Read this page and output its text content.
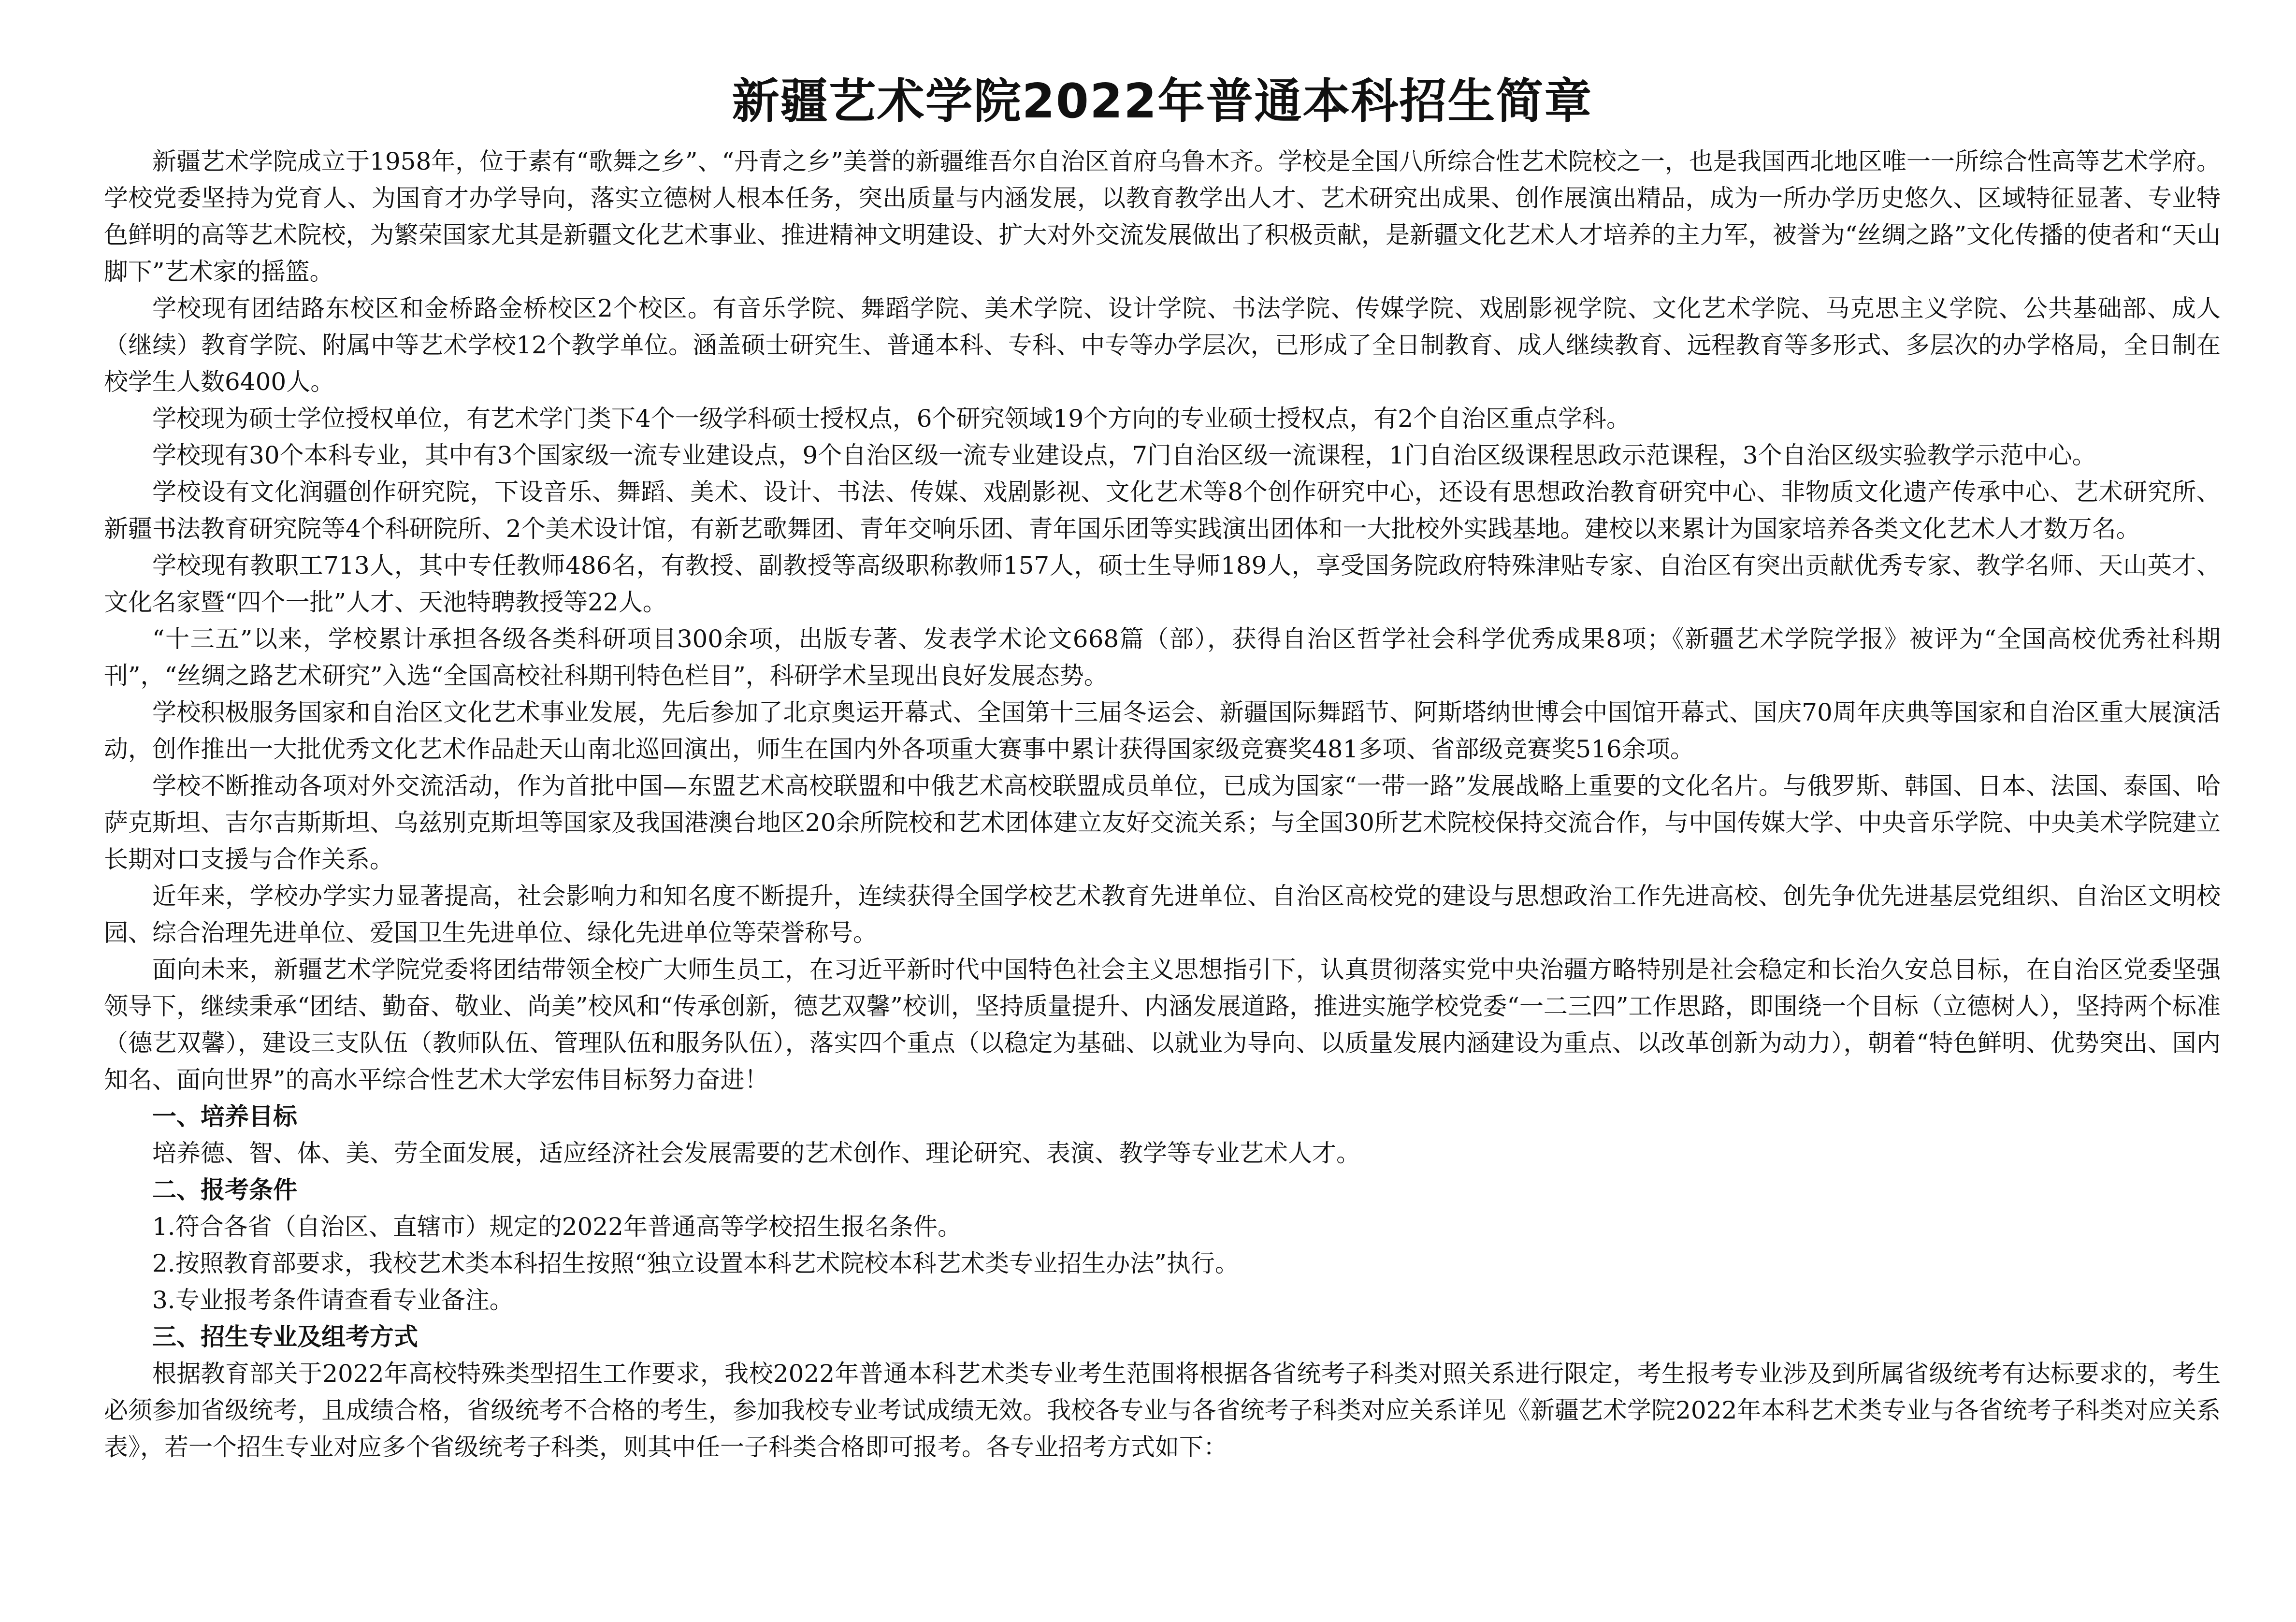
新疆艺术学院2022年普通本科招生简章

新疆艺术学院成立于1958年，位于素有“歌舞之乡”、“丹青之乡”美誉的新疆维吾尔自治区首府乌鲁木齐。学校是全国八所综合性艺术院校之一，也是我国西北地区唯一一所综合性高等艺术学府。学校党委坚持为党育人、为国育才办学导向，落实立德树人根本任务，突出质量与内涵发展，以教育教学出人才、艺术研究出成果、创作展演出精品，成为一所办学历史悠久、区域特征显著、专业特色鲜明的高等艺术院校，为繁荣国家尤其是新疆文化艺术事业、推进精神文明建设、扩大对外交流发展做出了积极贡献，是新疆文化艺术人才培养的主力军，被誉为“丝绸之路”文化传播的使者和“天山脚下”艺术家的摇篮。

学校现有团结路东校区和金桥路金桥校区2个校区。有音乐学院、舞蹈学院、美术学院、设计学院、书法学院、传媒学院、戏剧影视学院、文化艺术学院、马克思主义学院、公共基础部、成人（继续）教育学院、附属中等艺术学校12个教学单位。涵盖硕士研究生、普通本科、专科、中专等办学层次，已形成了全日制教育、成人继续教育、远程教育等多形式、多层次的办学格局，全日制在校学生人数6400人。

学校现为硕士学位授权单位，有艺术学门类下4个一级学科硕士授权点，6个研究领域19个方向的专业硕士授权点，有2个自治区重点学科。

学校现有30个本科专业，其中有3个国家级一流专业建设点，9个自治区级一流专业建设点，7门自治区级一流课程，1门自治区级课程思政示范课程，3个自治区级实验教学示范中心。

学校设有文化润疆创作研究院，下设音乐、舞蹈、美术、设计、书法、传媒、戏剧影视、文化艺术等8个创作研究中心，还设有思想政治教育研究中心、非物质文化遗产传承中心、艺术研究所、新疆书法教育研究院等4个科研院所、2个美术设计馆，有新艺歌舞团、青年交响乐团、青年国乐团等实践演出团体和一大批校外实践基地。建校以来累计为国家培养各类文化艺术人才数万名。

学校现有教职工713人，其中专任教师486名，有教授、副教授等高级职称教师157人，硕士生导师189人，享受国务院政府特殊津贴专家、自治区有突出贡献优秀专家、教学名师、天山英才、文化名家暨“四个一批”人才、天池特聘教授等22人。

“十三五”以来，学校累计承担各级各类科研项目300余项，出版专著、发表学术论文668篇（部），获得自治区哲学社会科学优秀成果8项；《新疆艺术学院学报》被评为“全国高校优秀社科期刊”，“丝绸之路艺术研究”入选“全国高校社科期刊特色栏目”，科研学术呈现出良好发展态势。

学校积极服务国家和自治区文化艺术事业发展，先后参加了北京奥运开幕式、全国第十三届冬运会、新疆国际舞蹈节、阿斯塔纳世博会中国馆开幕式、国庆70周年庆典等国家和自治区重大展演活动，创作推出一大批优秀文化艺术作品赴天山南北巡回演出，师生在国内外各项重大赛事中累计获得国家级竞赛奖481多项、省部级竞赛奖516余项。

学校不断推动各项对外交流活动，作为首批中国—东盟艺术高校联盟和中俄艺术高校联盟成员单位，已成为国家“一带一路”发展战略上重要的文化名片。与俄罗斯、韩国、日本、法国、泰国、哈萨克斯坦、吉尔吉斯斯坦、乌兹别克斯坦等国家及我国港澳台地区20余所院校和艺术团体建立友好交流关系；与全国30所艺术院校保持交流合作，与中国传媒大学、中央音乐学院、中央美术学院建立长期对口支援与合作关系。

近年来，学校办学实力显著提高，社会影响力和知名度不断提升，连续获得全国学校艺术教育先进单位、自治区高校党的建设与思想政治工作先进高校、创先争优先进基层党组织、自治区文明校园、综合治理先进单位、爱国卫生先进单位、绿化先进单位等荣誉称号。

面向未来，新疆艺术学院党委将团结带领全校广大师生员工，在习近平新时代中国特色社会主义思想指引下，认真贯彻落实党中央治疆方略特别是社会稳定和长治久安总目标，在自治区党委坚强领导下，继续秉承“团结、勤奋、敬业、尚美”校风和“传承创新，德艺双馨”校训，坚持质量提升、内涵发展道路，推进实施学校党委“一二三四”工作思路，即围绕一个目标（立德树人），坚持两个标准（德艺双馨），建设三支队伍（教师队伍、管理队伍和服务队伍），落实四个重点（以稳定为基础、以就业为导向、以质量发展内涵建设为重点、以改革创新为动力），朝着“特色鲜明、优势突出、国内知名、面向世界”的高水平综合性艺术大学宏伟目标努力奋进！

一、培养目标

培养德、智、体、美、劳全面发展，适应经济社会发展需要的艺术创作、理论研究、表演、教学等专业艺术人才。

二、报考条件

1.符合各省（自治区、直辖市）规定的2022年普通高等学校招生报名条件。

2.按照教育部要求，我校艺术类本科招生按照“独立设置本科艺术院校本科艺术类专业招生办法”执行。

3.专业报考条件请查看专业备注。

三、招生专业及组考方式

根据教育部关于2022年高校特殊类型招生工作要求，我校2022年普通本科艺术类专业考生范围将根据各省统考子科类对照关系进行限定，考生报考专业涉及到所属省级统考有达标要求的，考生必须参加省级统考，且成绩合格，省级统考不合格的考生，参加我校专业考试成绩无效。我校各专业与各省统考子科类对应关系详见《新疆艺术学院2022年本科艺术类专业与各省统考子科类对应关系表》，若一个招生专业对应多个省级统考子科类，则其中任一子科类合格即可报考。各专业招考方式如下：
